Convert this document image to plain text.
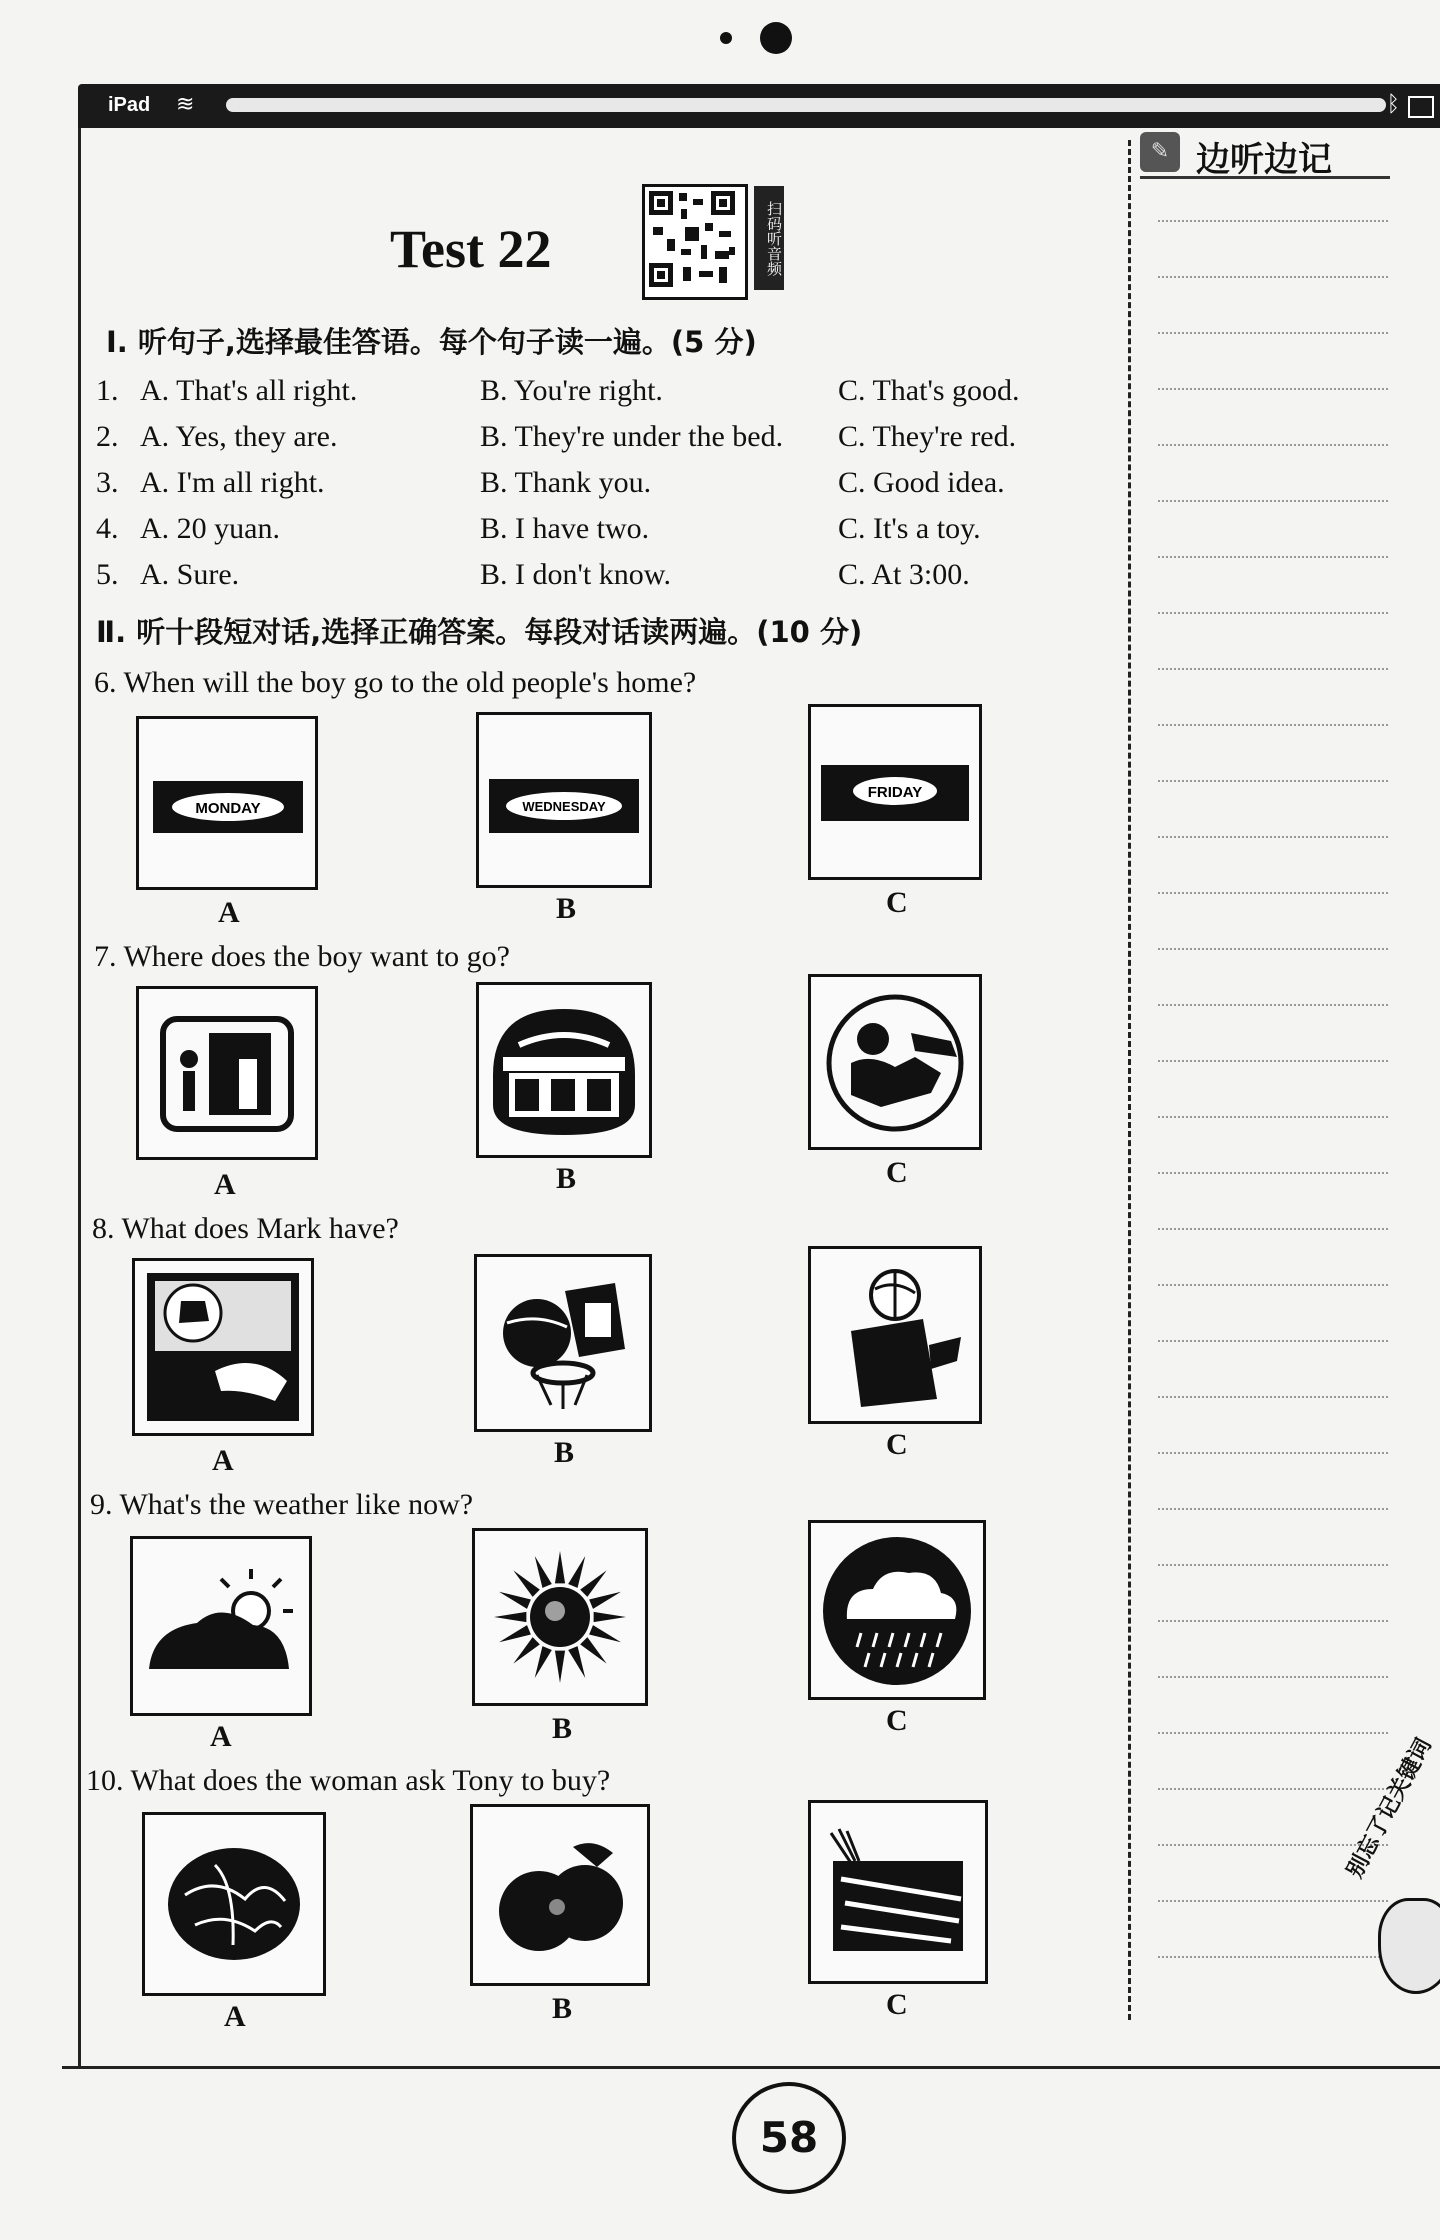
iPad ≋	ᛒ
✎ 边听边记
别忘了记关键词
Test 22	扫码听音频
Ⅰ. 听句子,选择最佳答语。每个句子读一遍。(5 分)
1. A. That's all right.	B. You're right.	C. That's good.
2. A. Yes, they are.	B. They're under the bed. C. They're red.
3. A. I'm all right.	B. Thank you.	C. Good idea.
4. A. 20 yuan.	B. I have two.	C. It's a toy.
5. A. Sure.	B. I don't know.	C. At 3:00.
Ⅱ. 听十段短对话,选择正确答案。每段对话读两遍。(10 分)
6. When will the boy go to the old people's home?
MONDAY	WEDNESDAY
FRIDAY
A	B	C
7. Where does the boy want to go?
A	B	C
8. What does Mark have?
A	B	C
9. What's the weather like now?
A	B	C
10. What does the woman ask Tony to buy?
A	B	C
58
